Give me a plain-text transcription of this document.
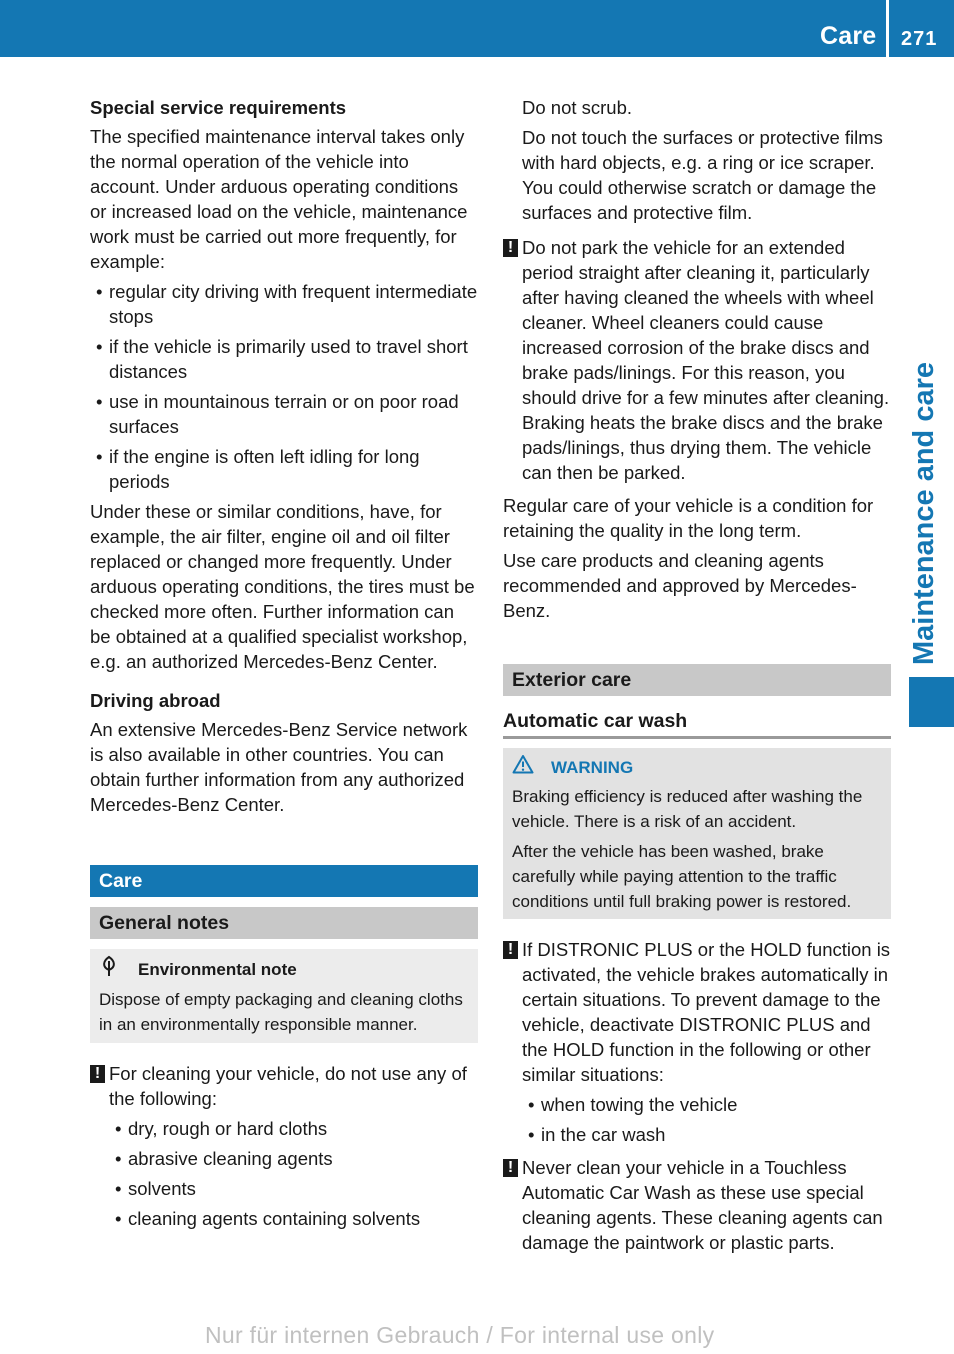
Care 271
Maintenance and care
Special service requirements

The specified maintenance interval takes only the normal operation of the vehicle into account. Under arduous operating conditions or increased load on the vehicle, maintenance work must be carried out more frequently, for example:

• regular city driving with frequent intermediate stops
• if the vehicle is primarily used to travel short distances
• use in mountainous terrain or on poor road surfaces
• if the engine is often left idling for long periods

Under these or similar conditions, have, for example, the air filter, engine oil and oil filter replaced or changed more frequently. Under arduous operating conditions, the tires must be checked more often. Further information can be obtained at a qualified specialist workshop, e.g. an authorized Mercedes-Benz Center.

Driving abroad

An extensive Mercedes-Benz Service network is also available in other countries. You can obtain further information from any authorized Mercedes-Benz Center.

Care
General notes
Environmental note

Dispose of empty packaging and cleaning cloths in an environmentally responsible manner.

! For cleaning your vehicle, do not use any of the following:
• dry, rough or hard cloths
• abrasive cleaning agents
• solvents
• cleaning agents containing solvents

Do not scrub.

Do not touch the surfaces or protective films with hard objects, e.g. a ring or ice scraper. You could otherwise scratch or damage the surfaces and protective film.

! Do not park the vehicle for an extended period straight after cleaning it, particularly after having cleaned the wheels with wheel cleaner. Wheel cleaners could cause increased corrosion of the brake discs and brake pads/linings. For this reason, you should drive for a few minutes after cleaning. Braking heats the brake discs and the brake pads/linings, thus drying them. The vehicle can then be parked.

Regular care of your vehicle is a condition for retaining the quality in the long term.

Use care products and cleaning agents recommended and approved by Mercedes-Benz.

Exterior care
Automatic car wash
WARNING

Braking efficiency is reduced after washing the vehicle. There is a risk of an accident.

After the vehicle has been washed, brake carefully while paying attention to the traffic conditions until full braking power is restored.

! If DISTRONIC PLUS or the HOLD function is activated, the vehicle brakes automatically in certain situations. To prevent damage to the vehicle, deactivate DISTRONIC PLUS and the HOLD function in the following or other similar situations:
• when towing the vehicle
• in the car wash
! Never clean your vehicle in a Touchless Automatic Car Wash as these use special cleaning agents. These cleaning agents can damage the paintwork or plastic parts.
Nur für internen Gebrauch / For internal use only
